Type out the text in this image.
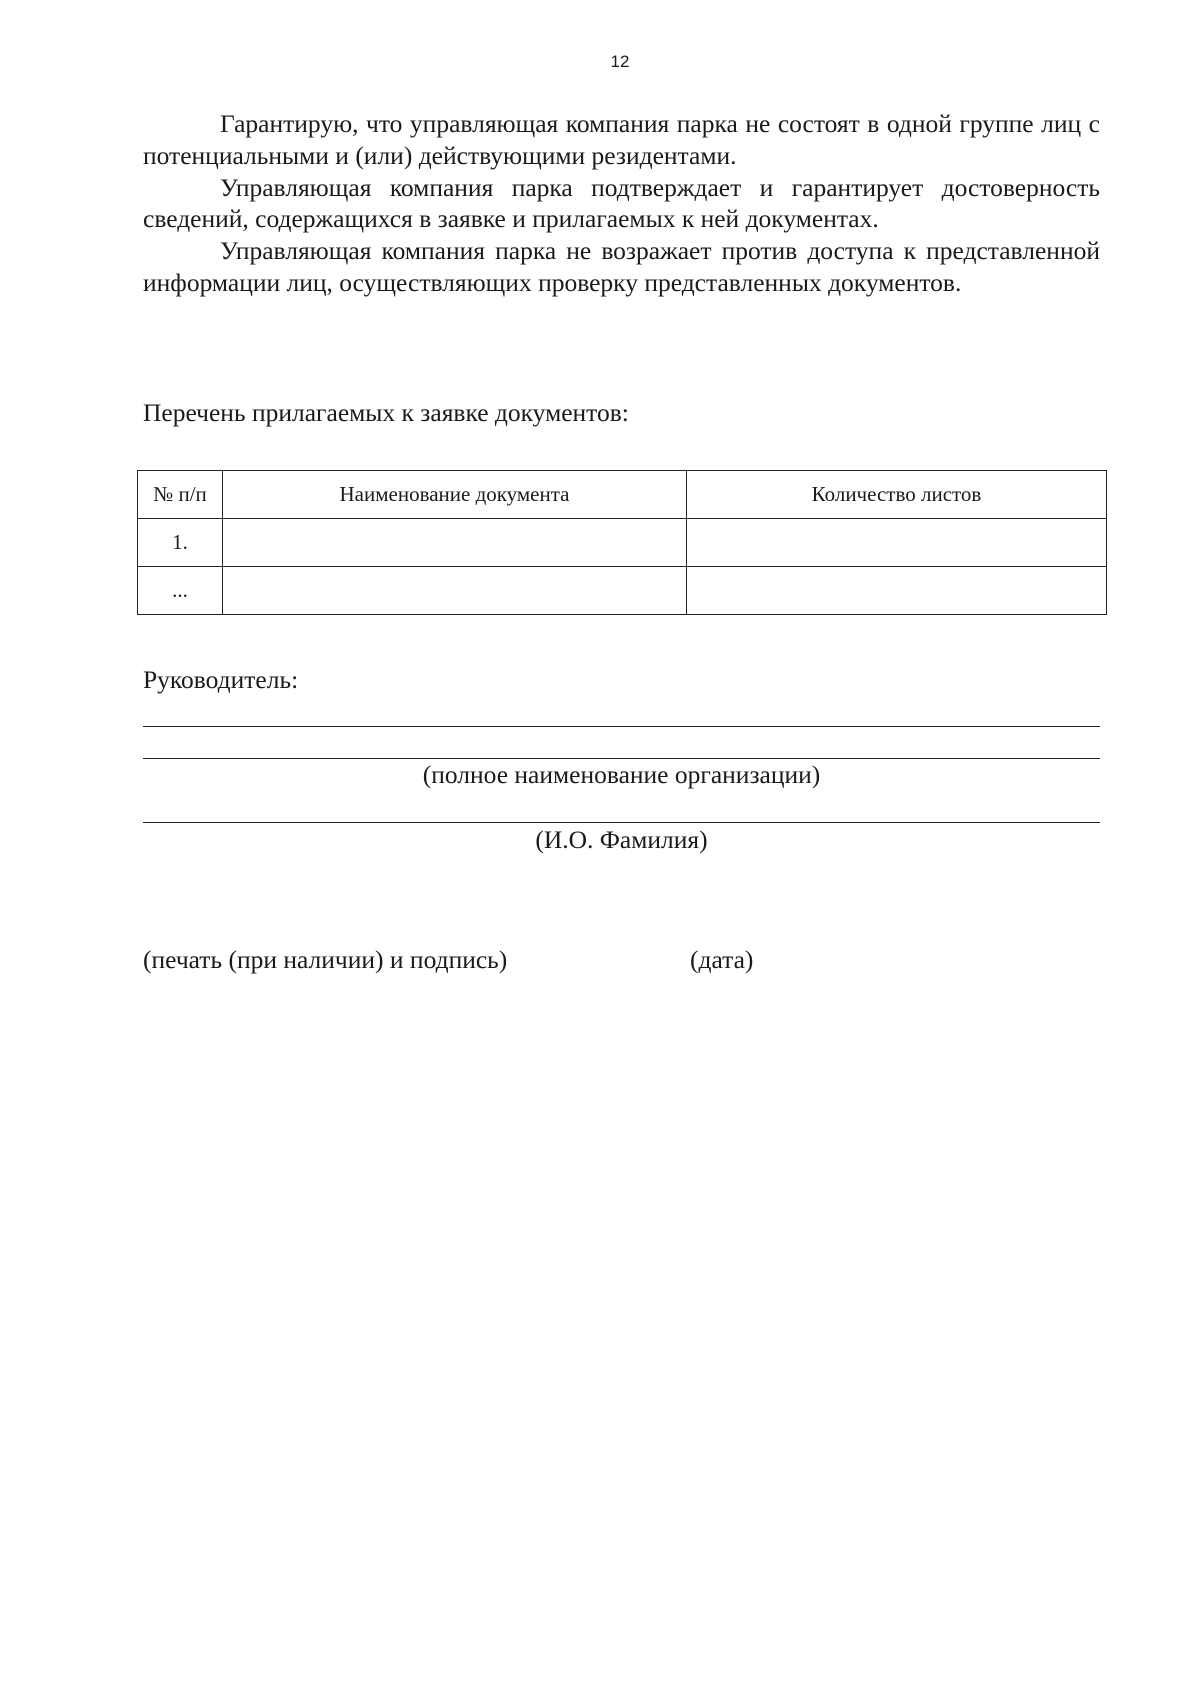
12

Гарантирую, что управляющая компания парка не состоят в одной группе лиц с потенциальными и (или) действующими резидентами.

Управляющая компания парка подтверждает и гарантирует достоверность сведений, содержащихся в заявке и прилагаемых к ней документах.

Управляющая компания парка не возражает против доступа к представленной информации лиц, осуществляющих проверку представленных документов.

Перечень прилагаемых к заявке документов:

№ п/п	Наименование документа	Количество листов
1.		
...		

Руководитель:

(полное наименование организации)

(И.О. Фамилия)

(печать (при наличии) и подпись)	(дата)
